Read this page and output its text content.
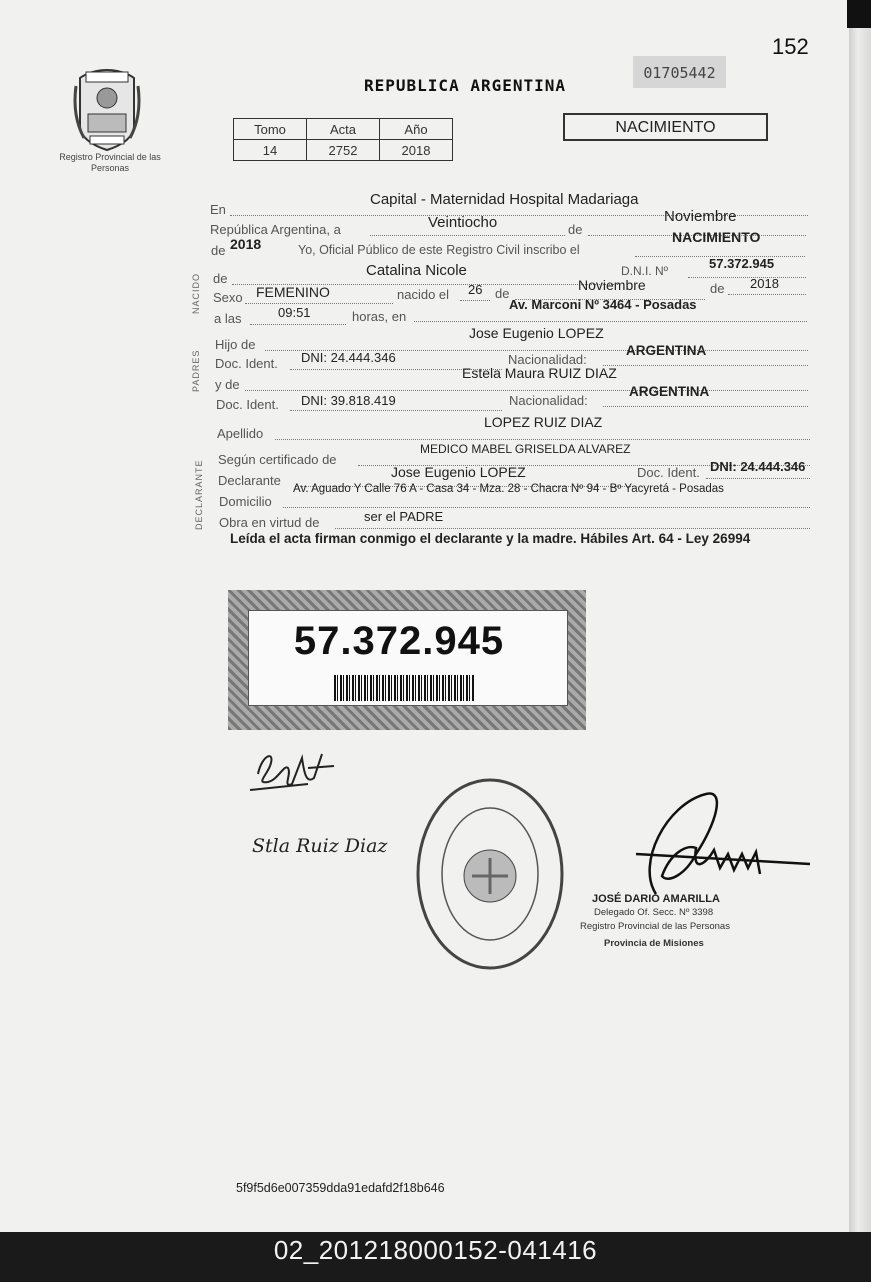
152
Registro Provincial de las Personas
REPUBLICA ARGENTINA
01705442
NACIMIENTO
Tomo	Acta	Año
14	2752	2018
NACIDO
PADRES
DECLARANTE
En
Capital - Maternidad Hospital Madariaga
República Argentina, a	Veintiocho	de
Noviembre
de 2018	Yo, Oficial Público de este Registro Civil inscribo el
NACIMIENTO
de	Catalina Nicole	D.N.I. Nº	57.372.945
Sexo FEMENINO	nacido el 26 de
Noviembre	de 2018
a las	09:51	horas, en
Av. Marconi Nº 3464 - Posadas
Hijo de
Jose Eugenio LOPEZ
Doc. Ident. DNI: 24.444.346	Nacionalidad:
ARGENTINA
y de
Estela Maura RUIZ DIAZ
Doc. Ident. DNI: 39.818.419	Nacionalidad:
ARGENTINA
Apellido
LOPEZ RUIZ DIAZ
Según certificado de
MEDICO MABEL GRISELDA ALVAREZ
Declarante
Jose Eugenio LOPEZ	Doc. Ident. DNI: 24.444.346
Domicilio
Av. Aguado Y Calle 76 A - Casa 34 - Mza. 28 - Chacra Nº 94 - Bº Yacyretá - Posadas
Obra en virtud de	ser el PADRE
Leída el acta firman conmigo el declarante y la madre. Hábiles Art. 64 - Ley 26994
57.372.945
Stla Ruiz Diaz
JOSÉ DARIO AMARILLA
Delegado Of. Secc. Nº 3398
Registro Provincial de las Personas
Provincia de Misiones
5f9f5d6e007359dda91edafd2f18b646
02_201218000152-041416
